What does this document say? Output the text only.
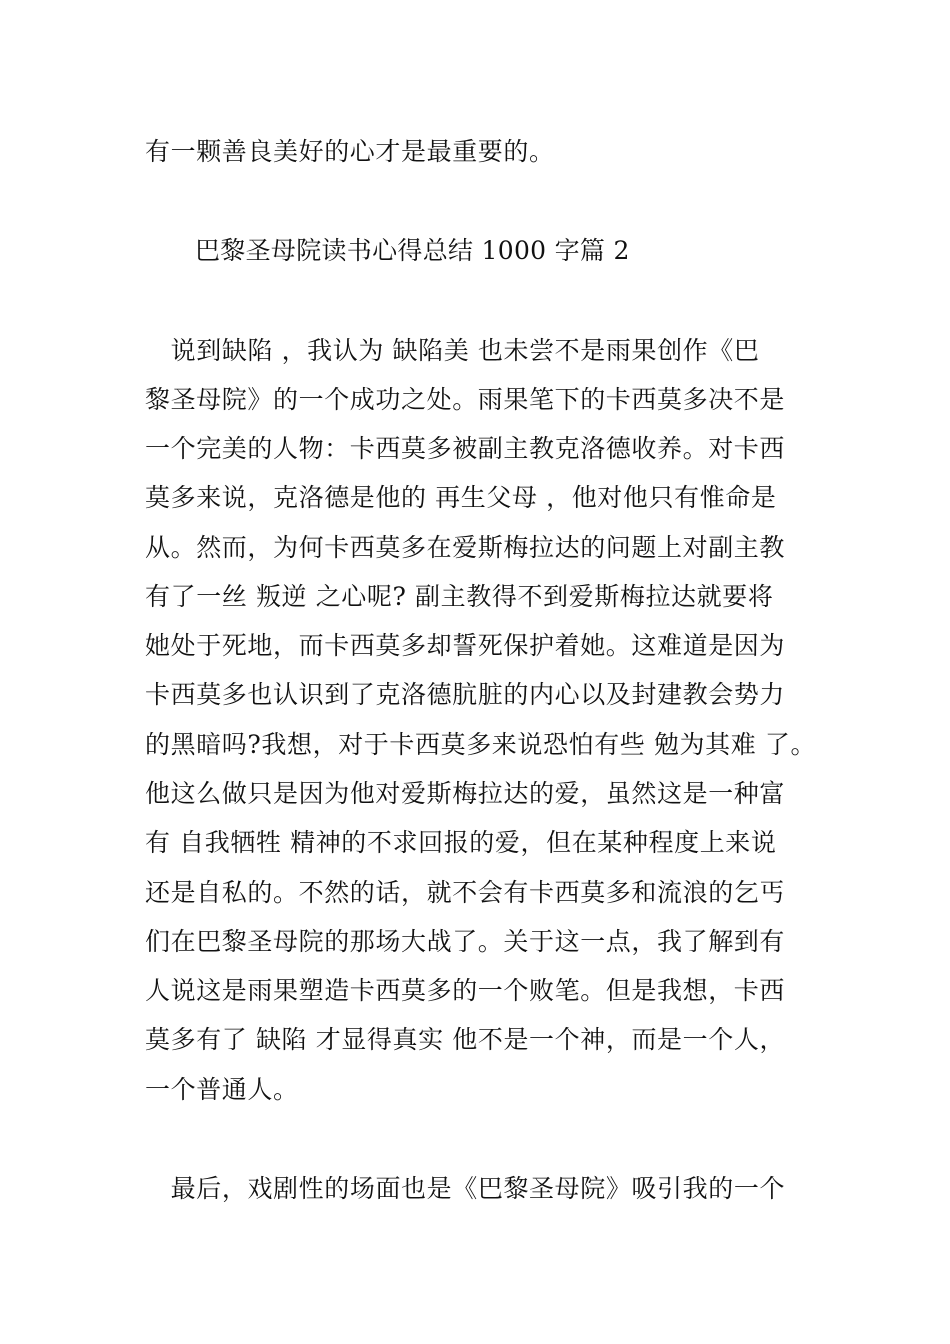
有一颗善良美好的心才是最重要的。
巴黎圣母院读书心得总结 1000 字篇 2
说到缺陷 ，我认为 缺陷美 也未尝不是雨果创作《巴
黎圣母院》的一个成功之处。雨果笔下的卡西莫多决不是
一个完美的人物：卡西莫多被副主教克洛德收养。对卡西
莫多来说，克洛德是他的 再生父母 ，他对他只有惟命是
从。然而，为何卡西莫多在爱斯梅拉达的问题上对副主教
有了一丝 叛逆 之心呢? 副主教得不到爱斯梅拉达就要将
她处于死地，而卡西莫多却誓死保护着她。这难道是因为
卡西莫多也认识到了克洛德肮脏的内心以及封建教会势力
的黑暗吗?我想，对于卡西莫多来说恐怕有些 勉为其难 了。
他这么做只是因为他对爱斯梅拉达的爱，虽然这是一种富
有 自我牺牲 精神的不求回报的爱，但在某种程度上来说
还是自私的。不然的话，就不会有卡西莫多和流浪的乞丐
们在巴黎圣母院的那场大战了。关于这一点，我了解到有
人说这是雨果塑造卡西莫多的一个败笔。但是我想，卡西
莫多有了 缺陷 才显得真实 他不是一个神，而是一个人，
一个普通人。
最后，戏剧性的场面也是《巴黎圣母院》吸引我的一个
